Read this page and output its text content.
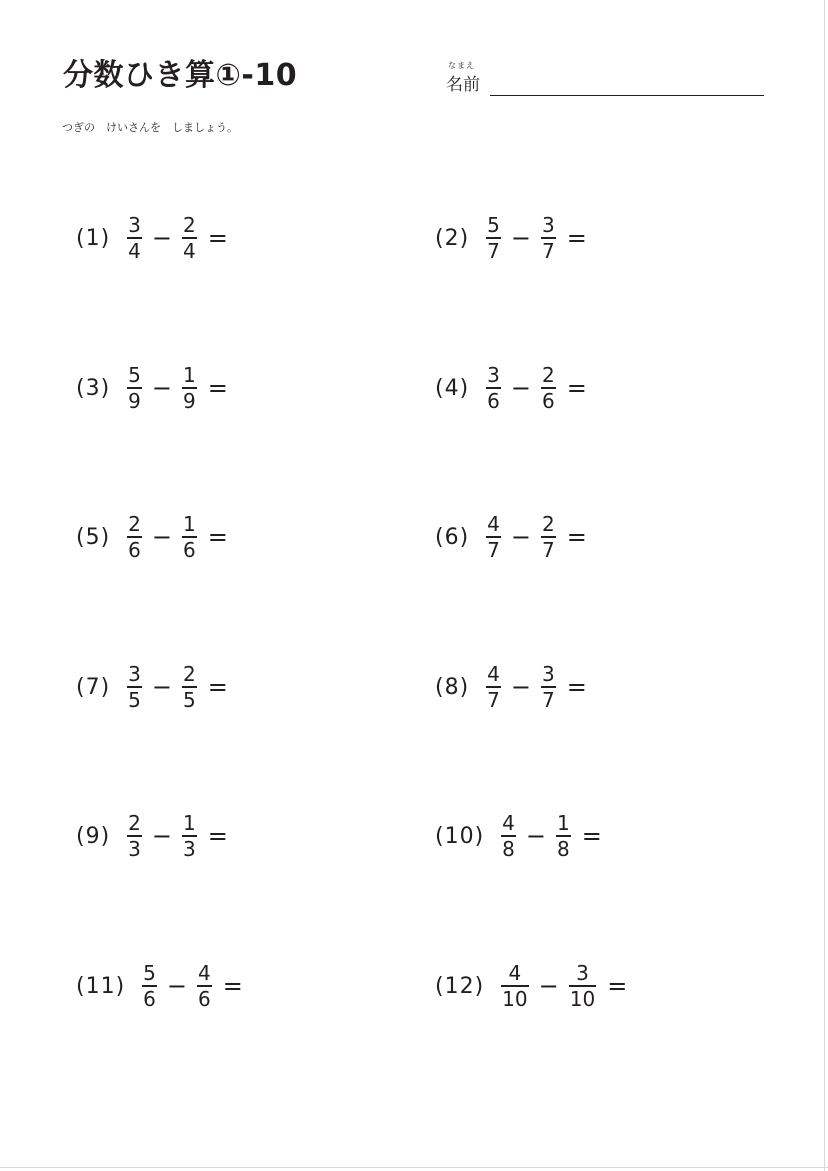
分数ひき算①-10	なまえ
名前
つぎの　けいさんを　しましょう。
$(1) \frac{3}{4} - \frac{2}{4}$ =	$(2) \frac{5}{7} - \frac{3}{7}$ =
$(3) \frac{5}{9} - \frac{1}{9}$ =	$(4) \frac{3}{6} - \frac{2}{6}$ =
$(5) \frac{2}{6} - \frac{1}{6}$ =	$(6) \frac{4}{7} - \frac{2}{7}$ =
$(7) \frac{3}{5} - \frac{2}{5}$ =	$(8) \frac{4}{7} - \frac{3}{7}$ =
$(9) \frac{2}{3} - \frac{1}{3}$ =	$(10) \frac{4}{8} - \frac{1}{8}$ =
$(11) \frac{5}{6} - \frac{4}{6}$ =	$(12) \frac{4}{10} - \frac{3}{10}$ =
